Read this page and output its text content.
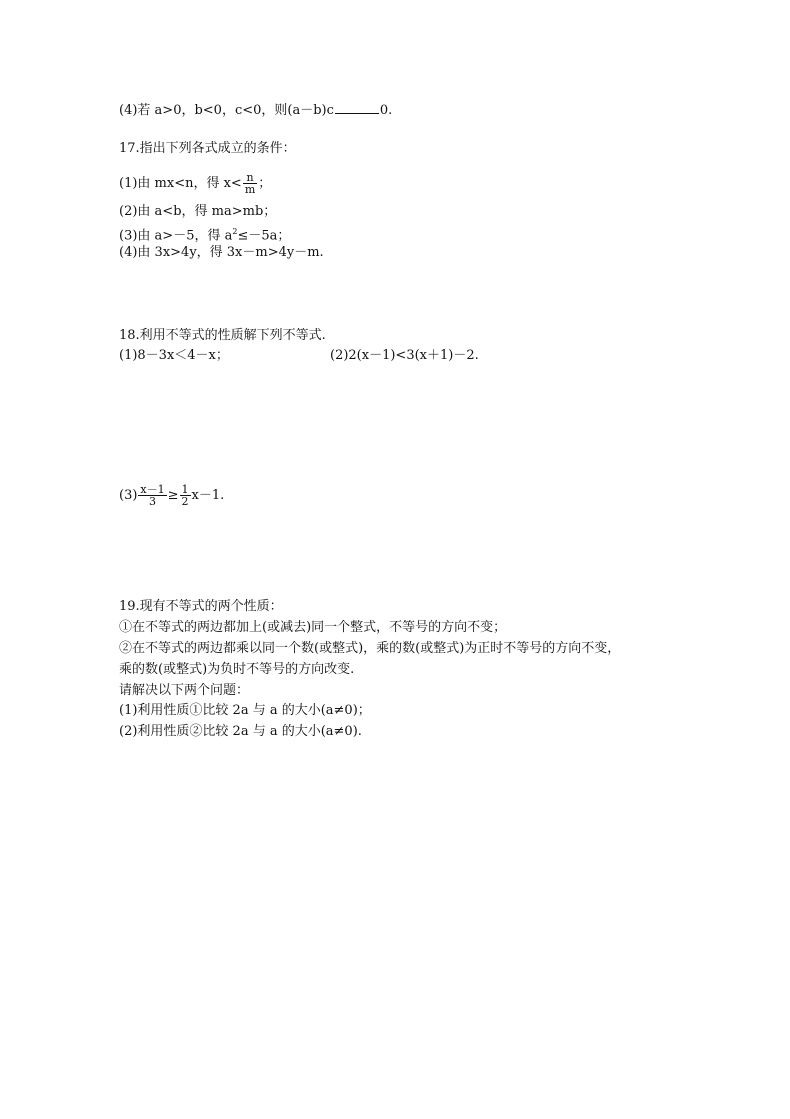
(4)若 a>0，b<0，c<0，则(a－b)c	0.
17.指出下列各式成立的条件：
(1)由 mx<n，得 $x< \frac{n}{m}$ ；
(2)由 a<b，得 ma>mb；
(3)由 a>－5，得 $a^2\le-5a$；
(4)由 3x>4y，得 3x－m>4y－m.
18.利用不等式的性质解下列不等式.
(1)8－3x＜4－x；	(2)2(x－1)<3(x＋1)－2.
$(3) \frac{x-1}{3} \ge \frac{1}{2} x-1$.
19.现有不等式的两个性质：
①在不等式的两边都加上(或减去)同一个整式，不等号的方向不变；
②在不等式的两边都乘以同一个数(或整式)，乘的数(或整式)为正时不等号的方向不变，
乘的数(或整式)为负时不等号的方向改变.
请解决以下两个问题：
(1)利用性质①比较 2a 与 a 的大小(a≠0)；
(2)利用性质②比较 2a 与 a 的大小(a≠0).
